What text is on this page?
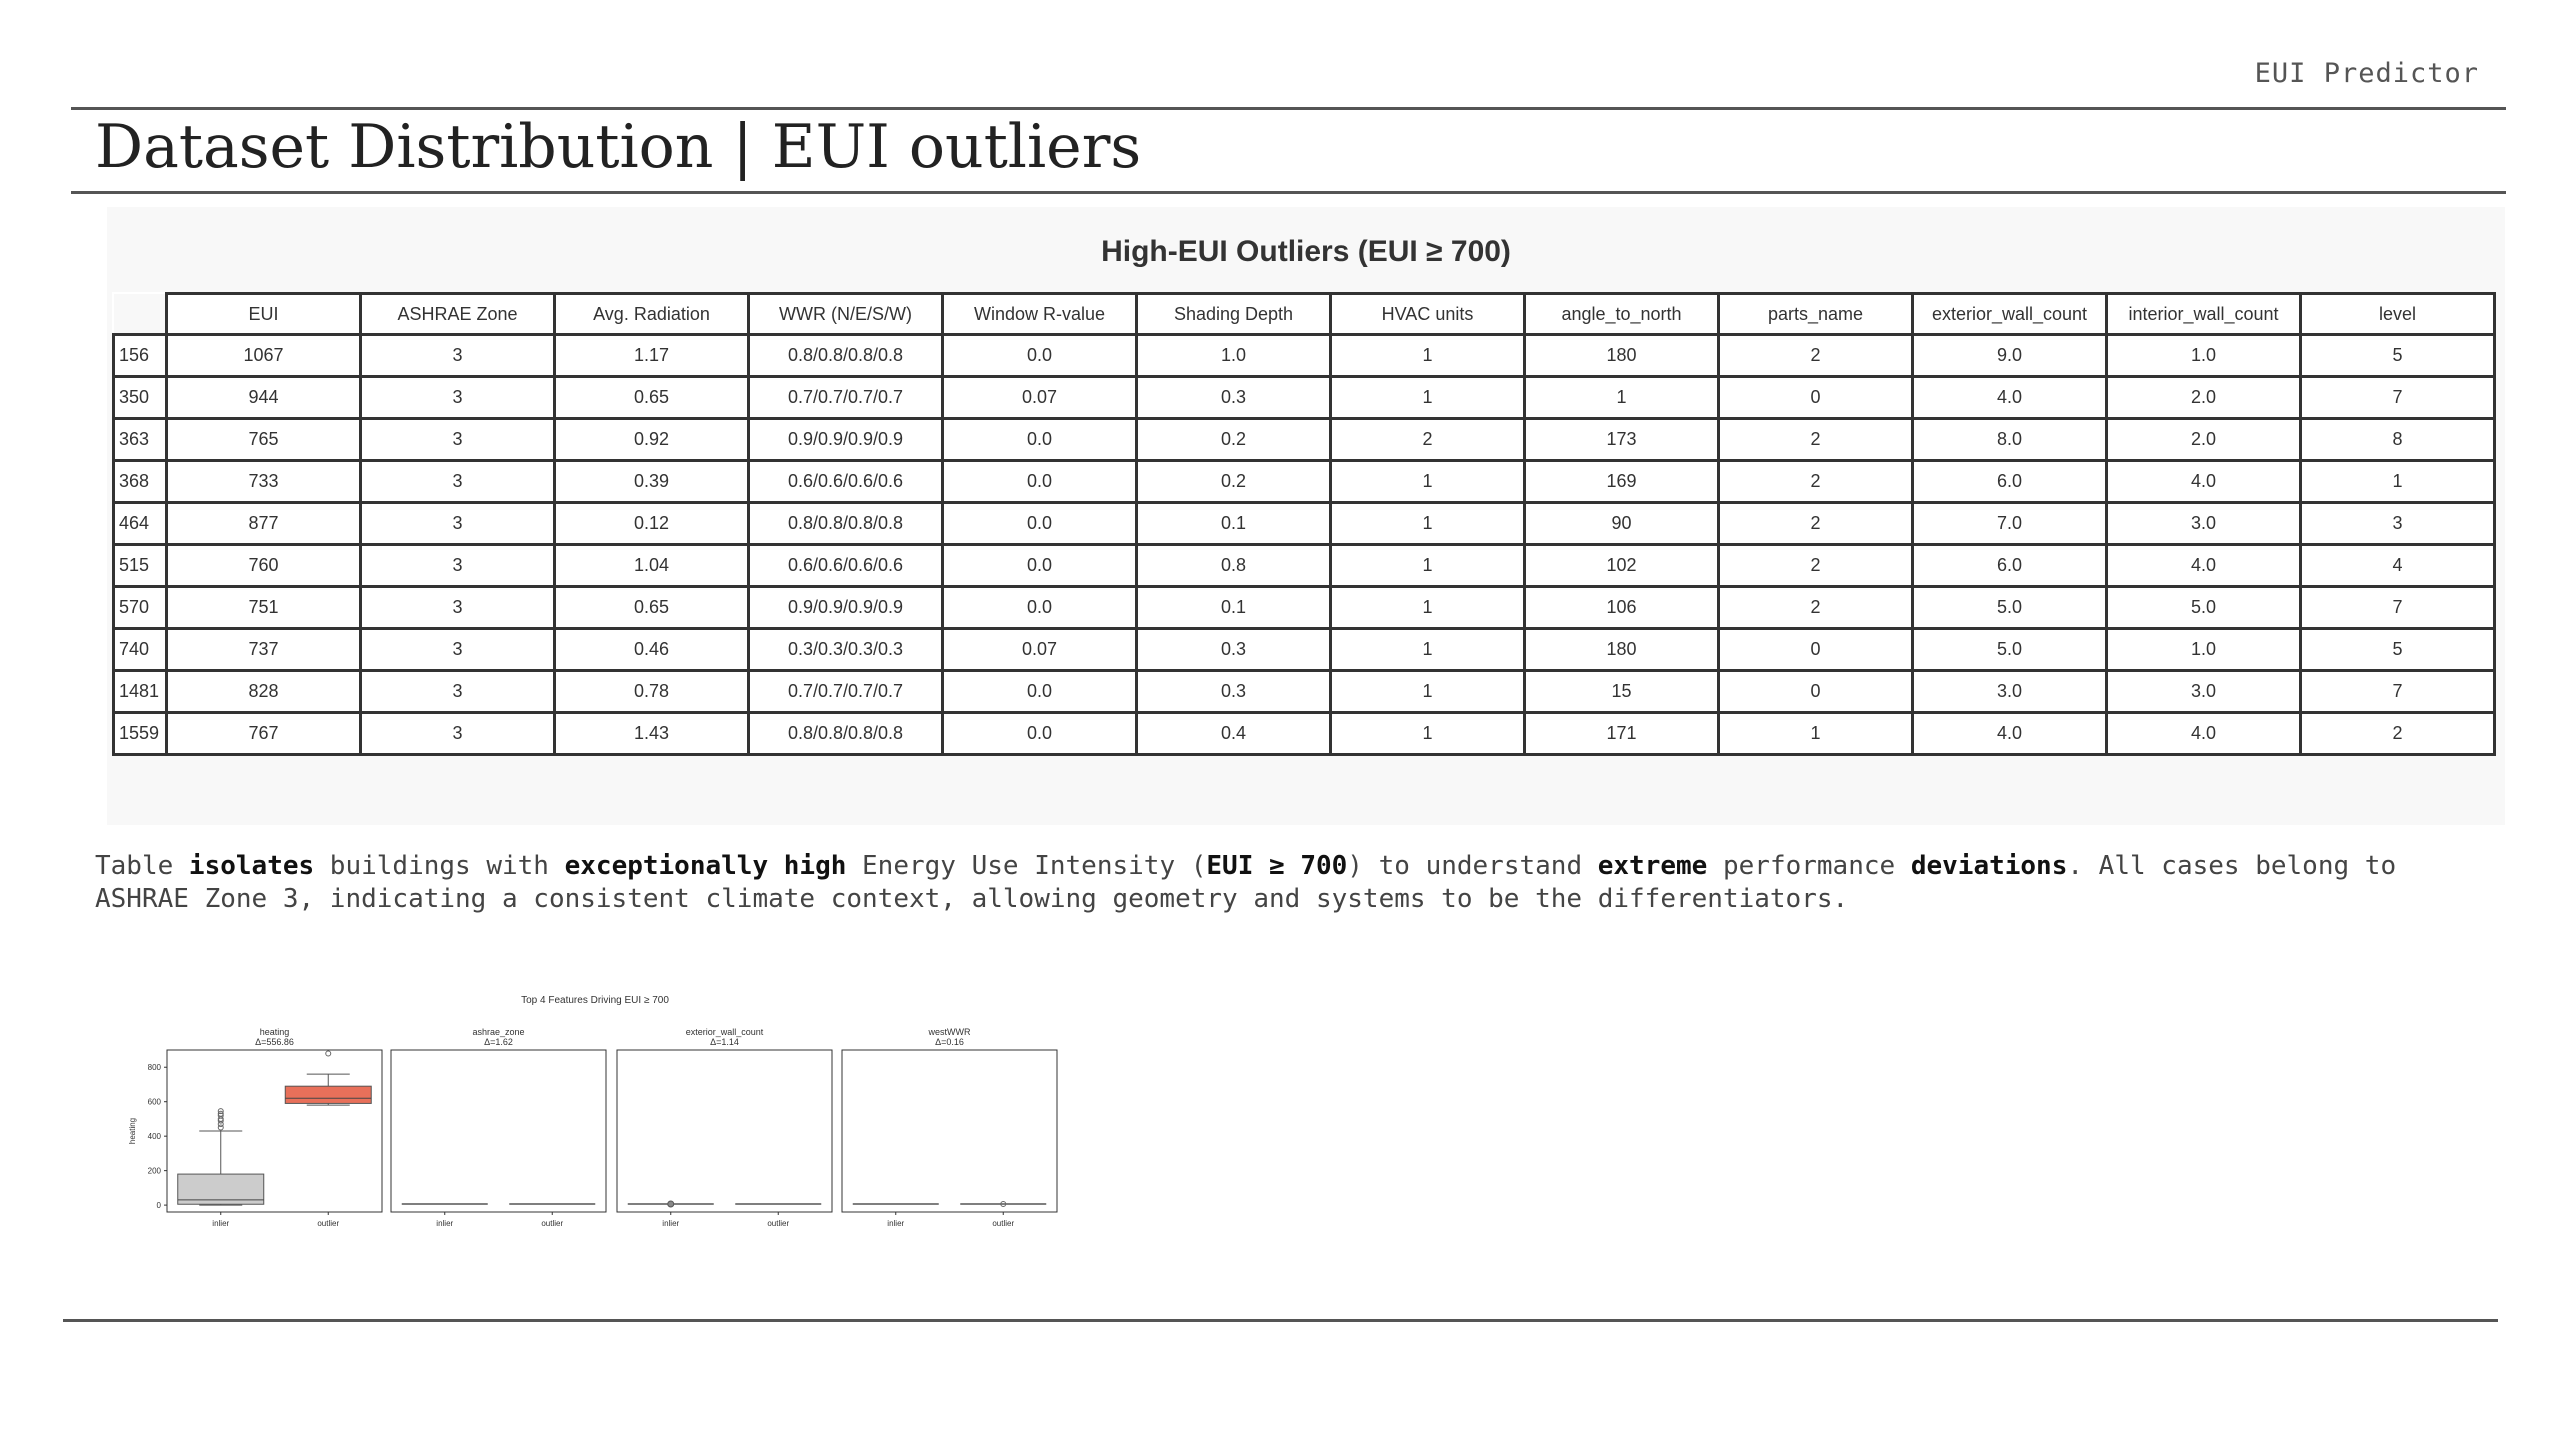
EUI Predictor
Dataset Distribution | EUI outliers
High-EUI Outliers (EUI ≥ 700)
	EUI	ASHRAE Zone	Avg. Radiation	WWR (N/E/S/W)	Window R-value	Shading Depth	HVAC units	angle_to_north	parts_name	exterior_wall_count	interior_wall_count	level
156	1067	3	1.17	0.8/0.8/0.8/0.8	0.0	1.0	1	180	2	9.0	1.0	5
350	944	3	0.65	0.7/0.7/0.7/0.7	0.07	0.3	1	1	0	4.0	2.0	7
363	765	3	0.92	0.9/0.9/0.9/0.9	0.0	0.2	2	173	2	8.0	2.0	8
368	733	3	0.39	0.6/0.6/0.6/0.6	0.0	0.2	1	169	2	6.0	4.0	1
464	877	3	0.12	0.8/0.8/0.8/0.8	0.0	0.1	1	90	2	7.0	3.0	3
515	760	3	1.04	0.6/0.6/0.6/0.6	0.0	0.8	1	102	2	6.0	4.0	4
570	751	3	0.65	0.9/0.9/0.9/0.9	0.0	0.1	1	106	2	5.0	5.0	7
740	737	3	0.46	0.3/0.3/0.3/0.3	0.07	0.3	1	180	0	5.0	1.0	5
1481	828	3	0.78	0.7/0.7/0.7/0.7	0.0	0.3	1	15	0	3.0	3.0	7
1559	767	3	1.43	0.8/0.8/0.8/0.8	0.0	0.4	1	171	1	4.0	4.0	2
Table isolates buildings with exceptionally high Energy Use Intensity (EUI ≥ 700) to understand extreme performance deviations. All cases belong to
ASHRAE Zone 3, indicating a consistent climate context, allowing geometry and systems to be the differentiators.
Top 4 Features Driving EUI ≥ 700
heating
Δ=556.86
inlier	outlier
0
200
400
600
800
heating
ashrae_zone
Δ=1.62
inlier	outlier
exterior_wall_count
Δ=1.14
inlier	outlier
westWWR
Δ=0.16
inlier	outlier
